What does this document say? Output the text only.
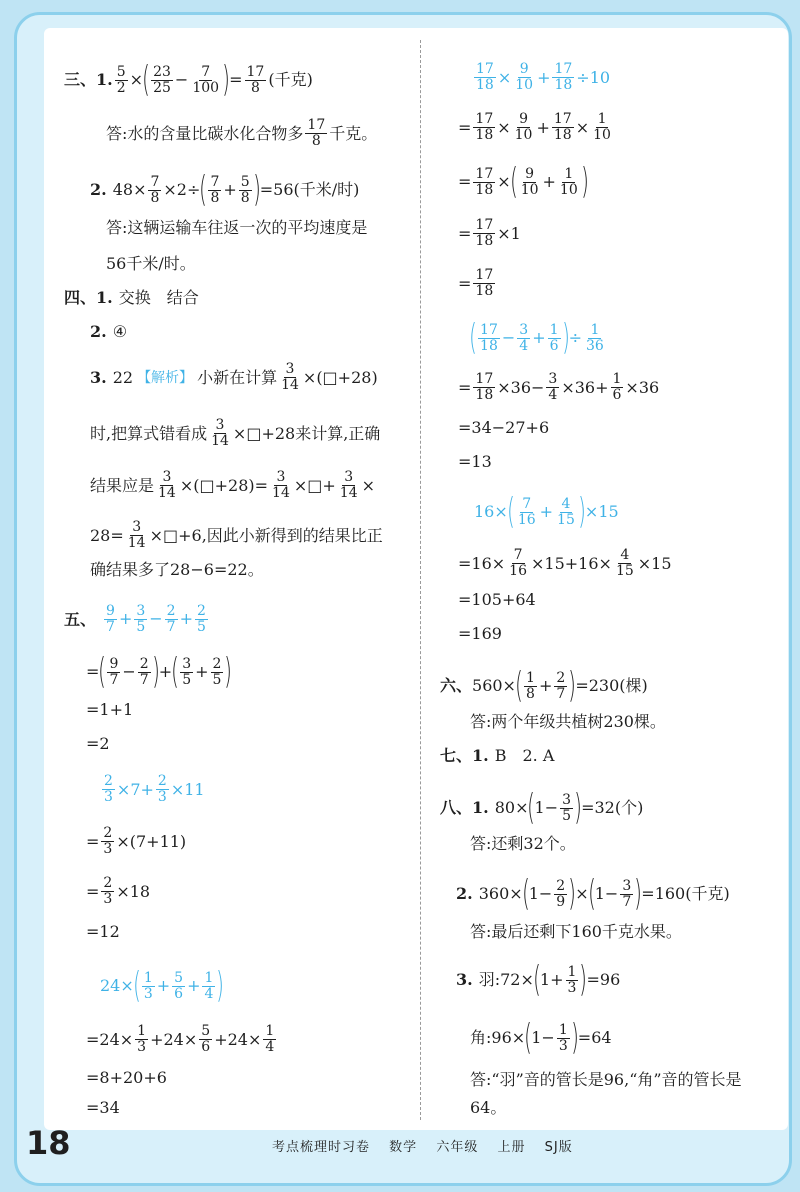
三、 1. $\frac{5}{2}$ × ( $\frac{23}{25} - \frac{7}{100}$ ) = $\frac{17}{8}$ (千克)
答:水的含量比碳水化合物多 $\frac{17}{8}$ 千克。
2. $48\times \frac{7}{8} \times 2\div$ ( $\frac{7}{8} + \frac{5}{8}$ ) =56(千米/时)
答:这辆运输车往返一次的平均速度是
56千米/时。
四、 1. 交换　结合
2. ④
3. 22 【解析】 小新在计算 $\frac{3}{14}$ ×(□+28)
时,把算式错看成 $\frac{3}{14}$ ×□+28 来计算,正确
结果应是 $\frac{3}{14}$ ×(□+28)= $\frac{3}{14}$ ×□+ $\frac{3}{14}$ ×
$28= \frac{3}{14}$ ×□+6, 因此小新得到的结果比正
确结果多了28−6=22。
五、 $\frac{9}{7} + \frac{3}{5} - \frac{2}{7} + \frac{2}{5}$
= ( $\frac{9}{7} - \frac{2}{7}$ ) + ( $\frac{3}{5} + \frac{2}{5}$ )
=1+1
=2
$\frac{2}{3} \times 7+ \frac{2}{3} \times 11$
= $\frac{2}{3} \times(7+11)$
= $\frac{2}{3} \times 18$
=12
24× ( $\frac{1}{3} + \frac{5}{6} + \frac{1}{4}$ )
$=24\times \frac{1}{3} +24\times \frac{5}{6} +24\times \frac{1}{4}$
=8+20+6
=34
$\frac{17}{18} \times \frac{9}{10} + \frac{17}{18} \div 10$
= $\frac{17}{18} \times \frac{9}{10} + \frac{17}{18} \times \frac{1}{10}$
= $\frac{17}{18}$ × ( $\frac{9}{10} + \frac{1}{10}$ )
= $\frac{17}{18} \times 1$
= $\frac{17}{18}$
( $\frac{17}{18} - \frac{3}{4} + \frac{1}{6}$ ) ÷ $\frac{1}{36}$
= $\frac{17}{18} \times 36- \frac{3}{4} \times 36+ \frac{1}{6} \times 36$
=34−27+6
=13
16× ( $\frac{7}{16} + \frac{4}{15}$ ) ×15
$=16\times \frac{7}{16} \times 15+16\times \frac{4}{15} \times 15$
=105+64
=169
六、 560× ( $\frac{1}{8} + \frac{2}{7}$ ) =230(棵)
答:两个年级共植树230棵。
七、 1. B　2. A
八、 1. 80× ( $1- \frac{3}{5}$ ) =32(个)
答:还剩32个。
2. 360× ( $1- \frac{2}{9}$ ) × ( $1- \frac{3}{7}$ ) =160(千克)
答:最后还剩下160千克水果。
3. 羽: 72× ( $1+ \frac{1}{3}$ ) =96
角: 96× ( $1- \frac{1}{3}$ ) =64
答:“羽”音的管长是96,“角”音的管长是
64。
18	考点梳理时习卷 数学 六年级 上册 SJ版
